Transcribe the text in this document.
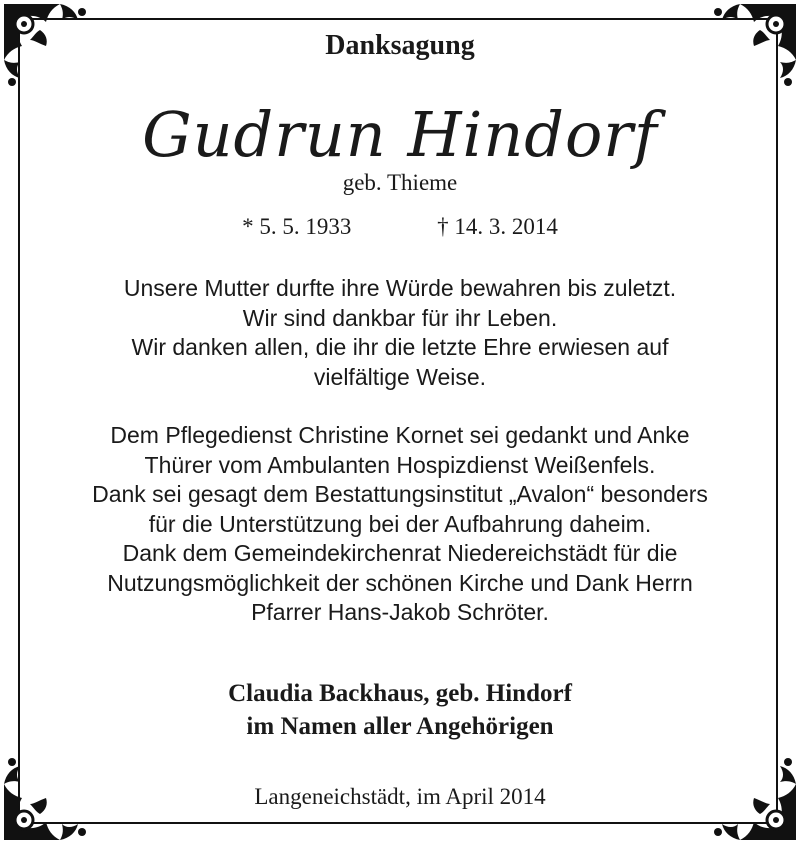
Danksagung
Gudrun Hindorf
geb. Thieme
* 5. 5. 1933	† 14. 3. 2014
Unsere Mutter durfte ihre Würde bewahren bis zuletzt.
Wir sind dankbar für ihr Leben.
Wir danken allen, die ihr die letzte Ehre erwiesen auf
vielfältige Weise.
Dem Pflegedienst Christine Kornet sei gedankt und Anke
Thürer vom Ambulanten Hospizdienst Weißenfels.
Dank sei gesagt dem Bestattungsinstitut „Avalon“ besonders
für die Unterstützung bei der Aufbahrung daheim.
Dank dem Gemeindekirchenrat Niedereichstädt für die
Nutzungsmöglichkeit der schönen Kirche und Dank Herrn
Pfarrer Hans-Jakob Schröter.
Claudia Backhaus, geb. Hindorf
im Namen aller Angehörigen
Langeneichstädt, im April 2014
